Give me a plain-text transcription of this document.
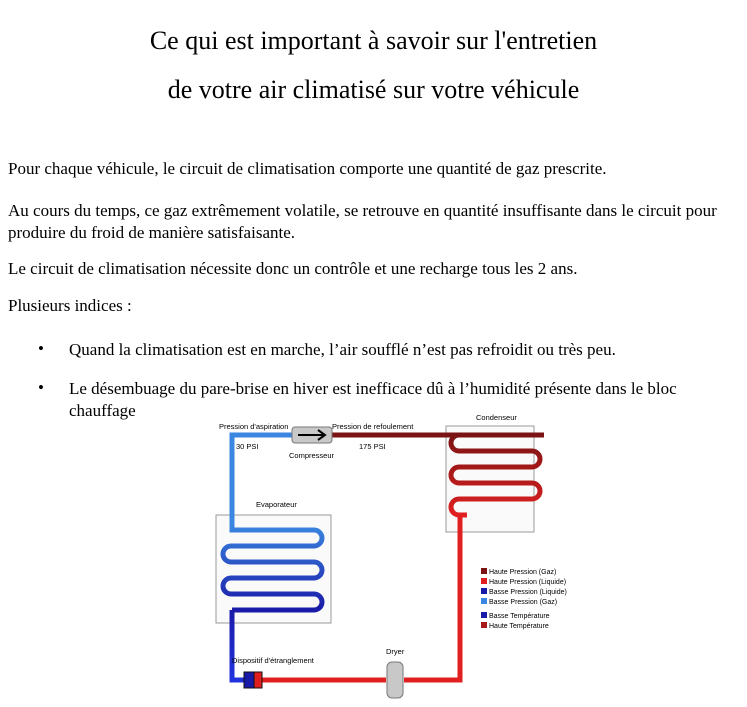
Ce qui est important à savoir sur l'entretien
de votre air climatisé sur votre véhicule
Pour chaque véhicule, le circuit de climatisation comporte une quantité de gaz prescrite.
Au cours du temps, ce gaz extrêmement volatile, se retrouve en quantité insuffisante dans le circuit pour produire du froid de manière satisfaisante.
Le circuit de climatisation nécessite donc un contrôle et une recharge tous les 2 ans.
Plusieurs indices :
• Quand la climatisation est en marche, l’air soufflé n’est pas refroidit ou très peu.
• Le désembuage du pare-brise en hiver est inefficace dû à l’humidité présente dans le bloc chauffage
Pression d'aspiration
30 PSI
Compresseur
Pression de refoulement
175 PSI
Condenseur
Evaporateur
Dispositif d'étranglement
Dryer
Haute Pression (Gaz)
Haute Pression (Liquide)
Basse Pression (Liquide)
Basse Pression (Gaz)
Basse Température
Haute Température
